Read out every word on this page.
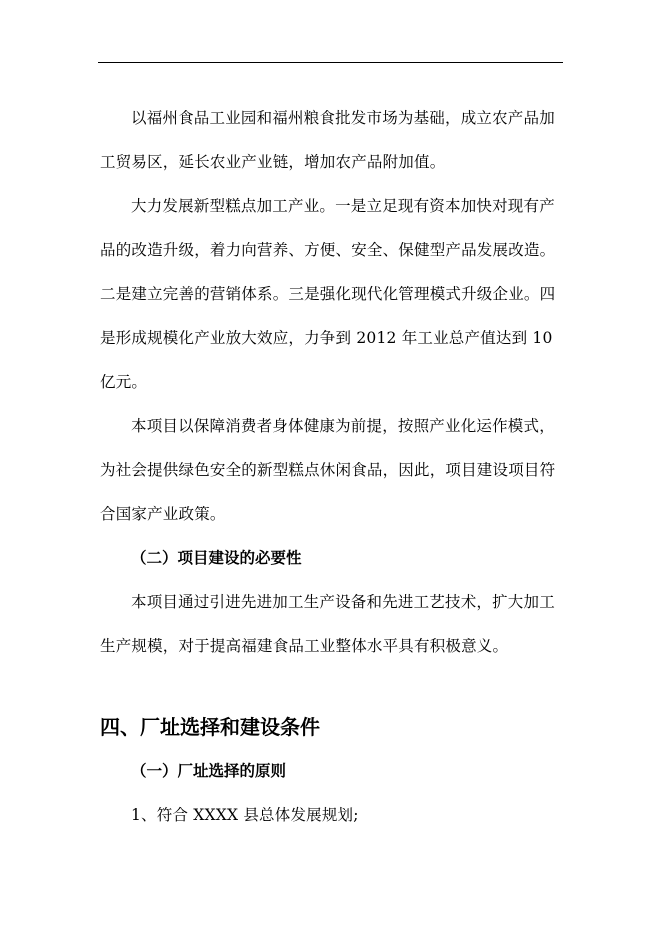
以福州食品工业园和福州粮食批发市场为基础，成立农产品加工贸易区，延长农业产业链，增加农产品附加值。

大力发展新型糕点加工产业。一是立足现有资本加快对现有产品的改造升级，着力向营养、方便、安全、保健型产品发展改造。二是建立完善的营销体系。三是强化现代化管理模式升级企业。四是形成规模化产业放大效应，力争到 2012 年工业总产值达到 10 亿元。

本项目以保障消费者身体健康为前提，按照产业化运作模式，为社会提供绿色安全的新型糕点休闲食品，因此，项目建设项目符合国家产业政策。

（二）项目建设的必要性

本项目通过引进先进加工生产设备和先进工艺技术，扩大加工生产规模，对于提高福建食品工业整体水平具有积极意义。

四、厂址选择和建设条件

（一）厂址选择的原则

1、符合 XXXX 县总体发展规划;
